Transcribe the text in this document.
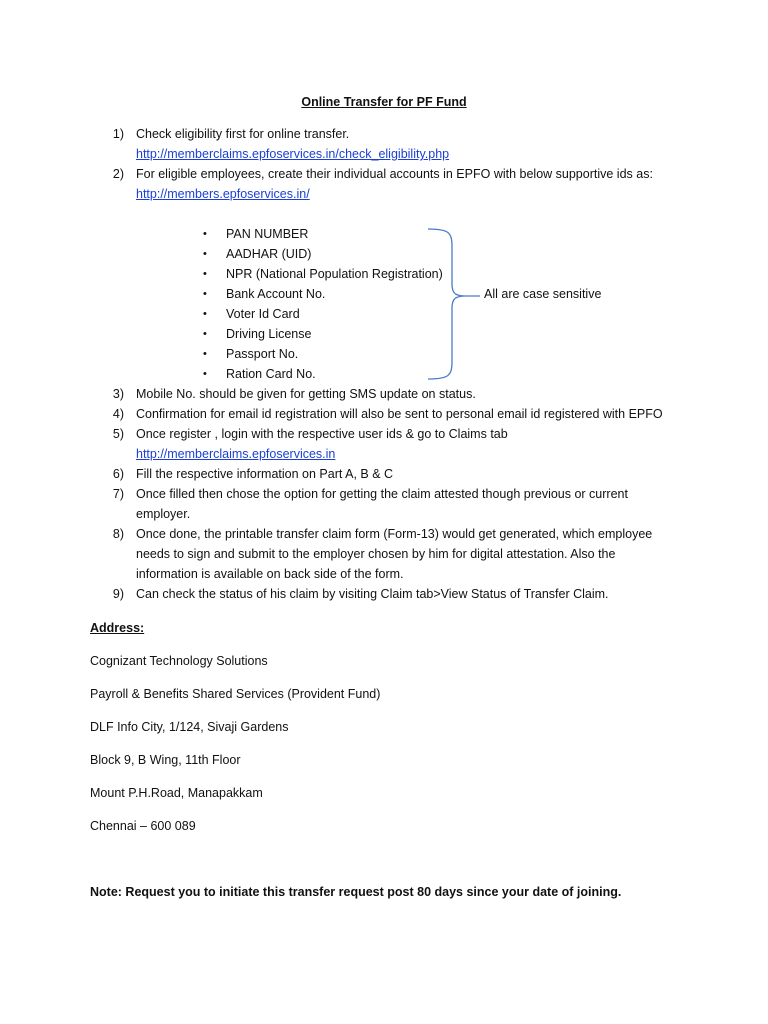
Online Transfer for PF Fund
1) Check eligibility first for online transfer.
http://memberclaims.epfoservices.in/check_eligibility.php
2) For eligible employees, create their individual accounts in EPFO with below supportive ids as:
http://members.epfoservices.in/
• PAN NUMBER
• AADHAR (UID)
• NPR (National Population Registration)
• Bank Account No.
• Voter Id Card
• Driving License
• Passport No.
• Ration Card No.
All are case sensitive
3) Mobile No. should be given for getting SMS update on status.
4) Confirmation for email id registration will also be sent to personal email id registered with EPFO
5) Once register , login with the respective user ids & go to Claims tab
http://memberclaims.epfoservices.in
6) Fill the respective information on Part A, B & C
7) Once filled then chose the option for getting the claim attested though previous or current
employer.
8) Once done, the printable transfer claim form (Form-13) would get generated, which employee
needs to sign and submit to the employer chosen by him for digital attestation. Also the
information is available on back side of the form.
9) Can check the status of his claim by visiting Claim tab>View Status of Transfer Claim.
Address:
Cognizant Technology Solutions
Payroll & Benefits Shared Services (Provident Fund)
DLF Info City, 1/124, Sivaji Gardens
Block 9, B Wing, 11th Floor
Mount P.H.Road, Manapakkam
Chennai – 600 089
Note: Request you to initiate this transfer request post 80 days since your date of joining.
